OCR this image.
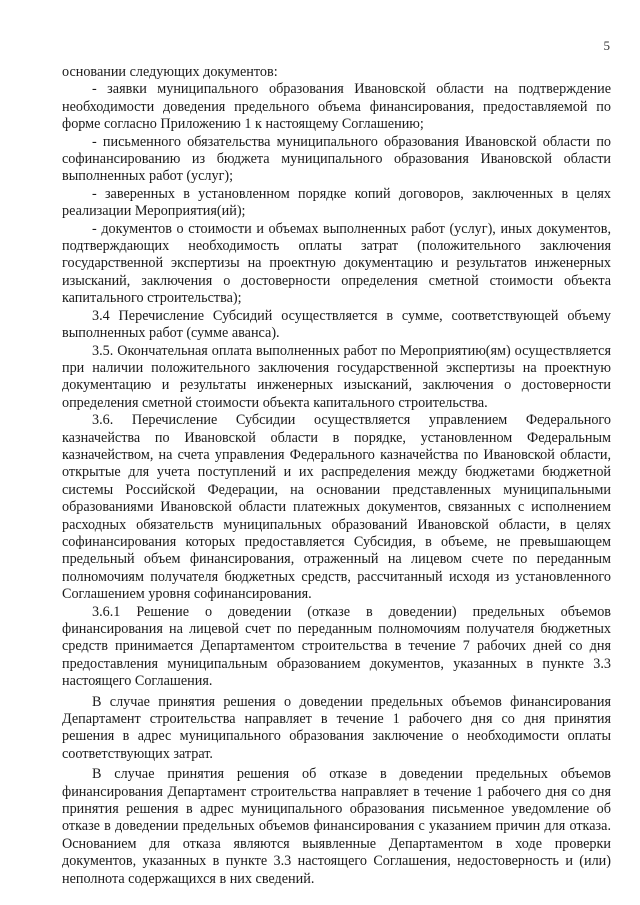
5

основании следующих документов:

- заявки муниципального образования Ивановской области на подтверждение необходимости доведения предельного объема финансирования, предоставляемой по форме согласно Приложению 1 к настоящему Соглашению;

- письменного обязательства муниципального образования Ивановской области по софинансированию из бюджета муниципального образования Ивановской области выполненных работ (услуг);

- заверенных в установленном порядке копий договоров, заключенных в целях реализации Мероприятия(ий);

- документов о стоимости и объемах выполненных работ (услуг), иных документов, подтверждающих необходимость оплаты затрат (положительного заключения государственной экспертизы на проектную документацию и результатов инженерных изысканий, заключения о достоверности определения сметной стоимости объекта капитального строительства);

3.4 Перечисление Субсидий осуществляется в сумме, соответствующей объему выполненных работ (сумме аванса).

3.5. Окончательная оплата выполненных работ по Мероприятию(ям) осуществляется при наличии положительного заключения государственной экспертизы на проектную документацию и результаты инженерных изысканий, заключения о достоверности определения сметной стоимости объекта капитального строительства.

3.6. Перечисление Субсидии осуществляется управлением Федерального казначейства по Ивановской области в порядке, установленном Федеральным казначейством, на счета управления Федерального казначейства по Ивановской области, открытые для учета поступлений и их распределения между бюджетами бюджетной системы Российской Федерации, на основании представленных муниципальными образованиями Ивановской области платежных документов, связанных с исполнением расходных обязательств муниципальных образований Ивановской области, в целях софинансирования которых предоставляется Субсидия, в объеме, не превышающем предельный объем финансирования, отраженный на лицевом счете по переданным полномочиям получателя бюджетных средств, рассчитанный исходя из установленного Соглашением уровня софинансирования.

3.6.1 Решение о доведении (отказе в доведении) предельных объемов финансирования на лицевой счет по переданным полномочиям получателя бюджетных средств принимается Департаментом строительства в течение 7 рабочих дней со дня предоставления муниципальным образованием документов, указанных в пункте 3.3 настоящего Соглашения.

В случае принятия решения о доведении предельных объемов финансирования Департамент строительства направляет в течение 1 рабочего дня со дня принятия решения в адрес муниципального образования заключение о необходимости оплаты соответствующих затрат.

В случае принятия решения об отказе в доведении предельных объемов финансирования Департамент строительства направляет в течение 1 рабочего дня со дня принятия решения в адрес муниципального образования письменное уведомление об отказе в доведении предельных объемов финансирования с указанием причин для отказа. Основанием для отказа являются выявленные Департаментом в ходе проверки документов, указанных в пункте 3.3 настоящего Соглашения, недостоверность и (или) неполнота содержащихся в них сведений.
